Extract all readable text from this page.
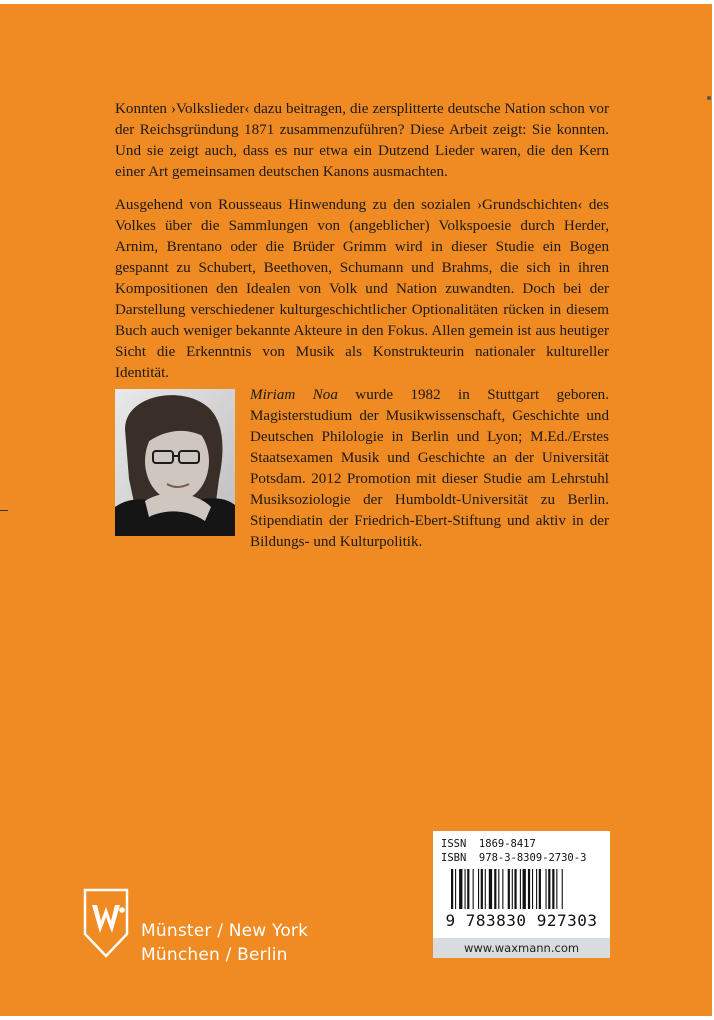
Konnten ›Volkslieder‹ dazu beitragen, die zersplitterte deutsche Nation schon vor der Reichsgründung 1871 zusammenzuführen? Diese Arbeit zeigt: Sie konnten. Und sie zeigt auch, dass es nur etwa ein Dutzend Lieder waren, die den Kern einer Art gemeinsamen deutschen Kanons ausmachten.

Ausgehend von Rousseaus Hinwendung zu den sozialen ›Grundschichten‹ des Volkes über die Sammlungen von (angeblicher) Volkspoesie durch Herder, Arnim, Brentano oder die Brüder Grimm wird in dieser Studie ein Bogen gespannt zu Schubert, Beethoven, Schumann und Brahms, die sich in ihren Kompositionen den Idealen von Volk und Nation zuwandten. Doch bei der Darstellung verschiedener kulturgeschichtlicher Optionalitäten rücken in diesem Buch auch weniger bekannte Akteure in den Fokus. Allen gemein ist aus heutiger Sicht die Erkenntnis von Musik als Konstrukteurin nationaler kultureller Identität.

Miriam Noa wurde 1982 in Stuttgart geboren. Magisterstudium der Musikwissenschaft, Geschichte und Deutschen Philologie in Berlin und Lyon; M.Ed./Erstes Staatsexamen Musik und Geschichte an der Universität Potsdam. 2012 Promotion mit dieser Studie am Lehrstuhl Musiksoziologie der Humboldt-Universität zu Berlin. Stipendiatin der Friedrich-Ebert-Stiftung und aktiv in der Bildungs- und Kulturpolitik.

Münster / New York
München / Berlin
ISSN  1869-8417
ISBN  978-3-8309-2730-3
9 783830 927303
www.waxmann.com
